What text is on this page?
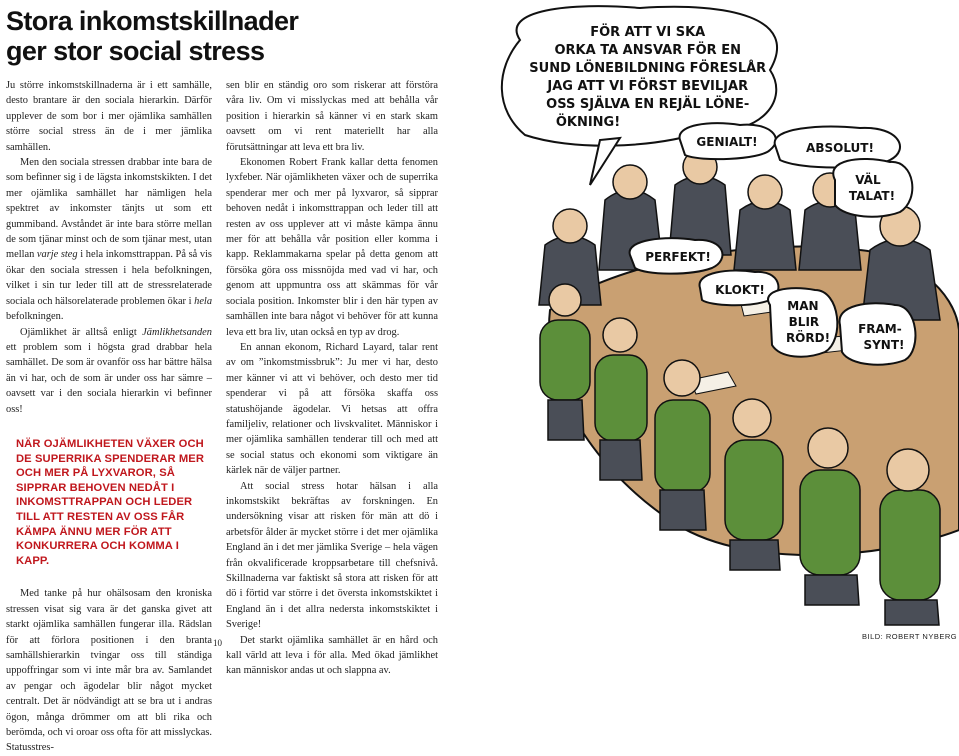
Stora inkomstskillnader
ger stor social stress

Ju större inkomstskillnaderna är i ett samhälle, desto brantare är den sociala hierarkin. Därför upplever de som bor i mer ojämlika samhällen större social stress än de i mer jämlika samhällen.

Men den sociala stressen drabbar inte bara de som befinner sig i de lägsta inkomstskikten. I det mer ojämlika samhället har nämligen hela spektret av inkomster tänjts ut som ett gummiband. Avståndet är inte bara större mellan de som tjänar minst och de som tjänar mest, utan mellan varje steg i hela inkomsttrappan. På så vis ökar den sociala stressen i hela befolkningen, vilket i sin tur leder till att de stressrelaterade sociala och hälsorelaterade problemen ökar i hela befolkningen.

Ojämlikhet är alltså enligt Jämlikhetsanden ett problem som i högsta grad drabbar hela samhället. De som är ovanför oss har bättre hälsa än vi har, och de som är under oss har sämre – oavsett var i den sociala hierarkin vi befinner oss!

NÄR OJÄMLIKHETEN VÄXER OCH DE SUPERRIKA SPENDERAR MER OCH MER PÅ LYXVAROR, SÅ SIPPRAR BEHOVEN NEDÅT I INKOMSTTRAPPAN OCH LEDER TILL ATT RESTEN AV OSS FÅR KÄMPA ÄNNU MER FÖR ATT KONKURRERA OCH KOMMA I KAPP.

Med tanke på hur ohälsosam den kroniska stressen visat sig vara är det ganska givet att starkt ojämlika samhällen fungerar illa. Rädslan för att förlora positionen i den branta samhällshierarkin tvingar oss till ständiga uppoffringar som vi inte mår bra av. Samlandet av pengar och ägodelar blir något mycket centralt. Det är nödvändigt att se bra ut i andras ögon, många drömmer om att bli rika och berömda, och vi oroar oss ofta för att misslyckas. Statusstres-

sen blir en ständig oro som riskerar att förstöra våra liv. Om vi misslyckas med att behålla vår position i hierarkin så känner vi en stark skam oavsett om vi rent materiellt har alla förutsättningar att leva ett bra liv.

Ekonomen Robert Frank kallar detta fenomen lyxfeber. När ojämlikheten växer och de superrika spenderar mer och mer på lyxvaror, så sipprar behoven nedåt i inkomsttrappan och leder till att resten av oss upplever att vi måste kämpa ännu mer för att behålla vår position eller komma i kapp. Reklammakarna spelar på detta genom att försöka göra oss missnöjda med vad vi har, och genom att uppmuntra oss att skämmas för vår sociala position. Inkomster blir i den här typen av samhällen inte bara något vi behöver för att kunna leva ett bra liv, utan också en typ av drog.

En annan ekonom, Richard Layard, talar rent av om ”inkomstmissbruk”: Ju mer vi har, desto mer känner vi att vi behöver, och desto mer tid spenderar vi på att försöka skaffa oss statushöjande ägodelar. Vi hetsas att offra familjeliv, relationer och livskvalitet. Människor i mer ojämlika samhällen tenderar till och med att se social status och ekonomi som viktigare än kärlek när de väljer partner.

Att social stress hotar hälsan i alla inkomstskikt bekräftas av forskningen. En undersökning visar att risken för män att dö i arbetsför ålder är mycket större i det mer ojämlika England än i det mer jämlika Sverige – hela vägen från okvalificerade kroppsarbetare till chefsnivå. Skillnaderna var faktiskt så stora att risken för att dö i förtid var större i det översta inkomstskiktet i England än i det allra nedersta inkomstskiktet i Sverige!

Det starkt ojämlika samhället är en hård och kall värld att leva i för alla. Med ökad jämlikhet kan människor andas ut och slappna av.

10
BILD: ROBERT NYBERG
FÖR ATT VI SKA ORKA TA ANSVAR FÖR EN SUND LÖNEBILDNING FÖRESLÅR JAG ATT VI FÖRST BEVILJAR OSS SJÄLVA EN REJÄL LÖNE- ÖKNING!
GENIALT!	ABSOLUT!
VÄL TALAT!
PERFEKT!
KLOKT!
MAN BLIR RÖRD!
FRAM- SYNT!
